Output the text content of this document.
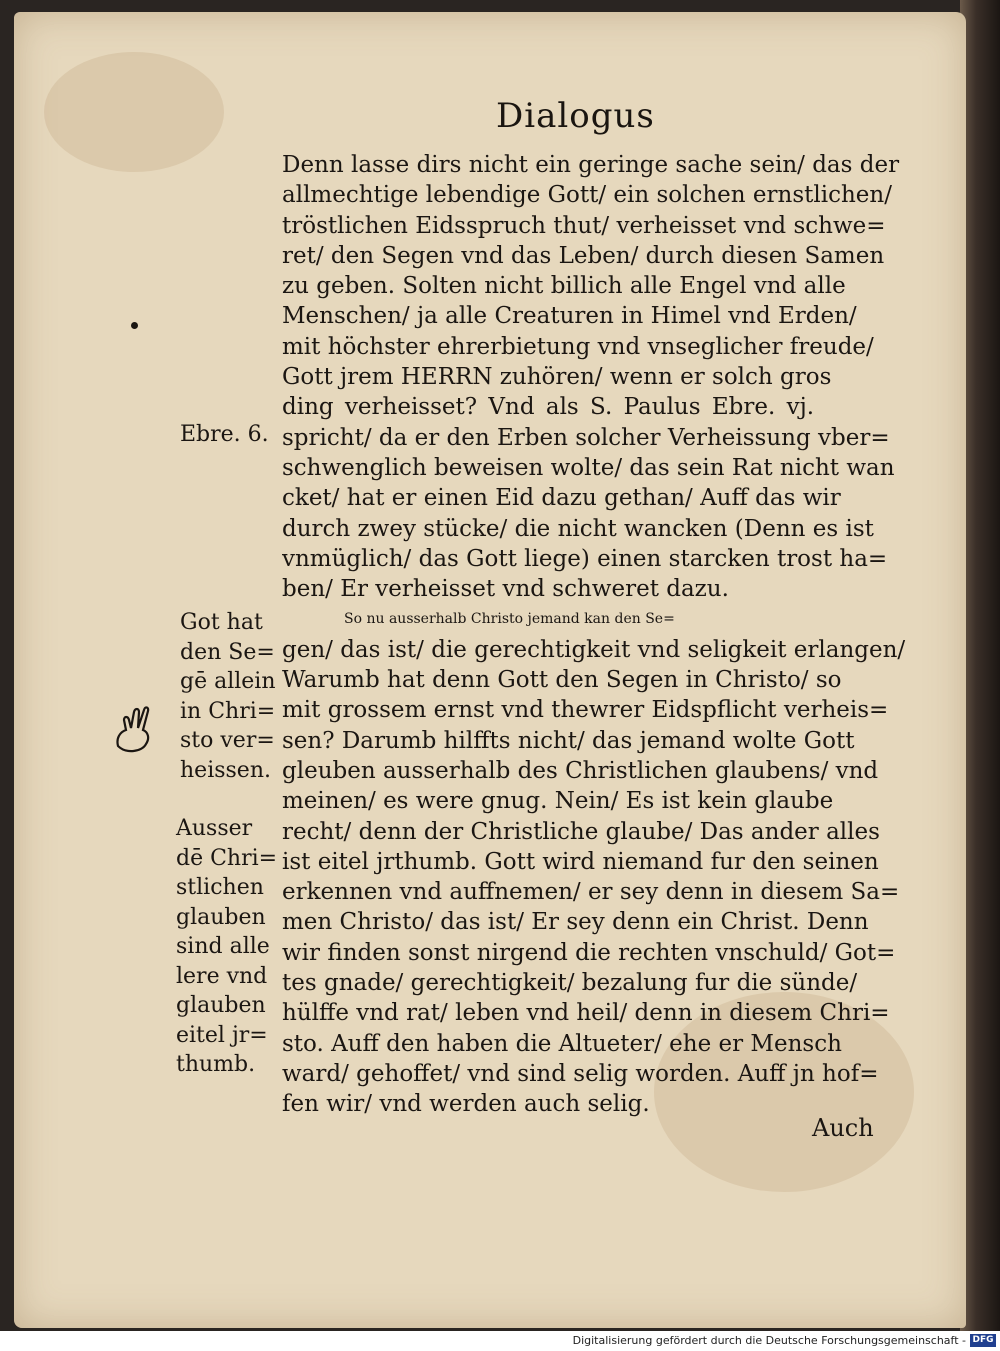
Dialogus
Ebre. 6.
Got hat
den Se=
gē allein
in Chri=
sto ver=
heissen.
Ausser
dē Chri=
stlichen
glauben
sind alle
lere vnd
glauben
eitel jr=
thumb.
Denn lasse dirs nicht ein geringe sache sein/ das der
allmechtige lebendige Gott/ ein solchen ernstlichen/
tröstlichen Eidsspruch thut/ verheisset vnd schwe=
ret/ den Segen vnd das Leben/ durch diesen Samen
zu geben. Solten nicht billich alle Engel vnd alle
Menschen/ ja alle Creaturen in Himel vnd Erden/
mit höchster ehrerbietung vnd vnseglicher freude/
Gott jrem HERRN zuhören/ wenn er solch gros
ding verheisset? Vnd als S. Paulus Ebre. vj.
spricht/ da er den Erben solcher Verheissung vber=
schwenglich beweisen wolte/ das sein Rat nicht wan
cket/ hat er einen Eid dazu gethan/ Auff das wir
durch zwey stücke/ die nicht wancken (Denn es ist
vnmüglich/ das Gott liege) einen starcken trost ha=
ben/ Er verheisset vnd schweret dazu.
So nu ausserhalb Christo jemand kan den Se=
gen/ das ist/ die gerechtigkeit vnd seligkeit erlangen/
Warumb hat denn Gott den Segen in Christo/ so
mit grossem ernst vnd thewrer Eidspflicht verheis=
sen? Darumb hilffts nicht/ das jemand wolte Gott
gleuben ausserhalb des Christlichen glaubens/ vnd
meinen/ es were gnug. Nein/ Es ist kein glaube
recht/ denn der Christliche glaube/ Das ander alles
ist eitel jrthumb. Gott wird niemand fur den seinen
erkennen vnd auffnemen/ er sey denn in diesem Sa=
men Christo/ das ist/ Er sey denn ein Christ. Denn
wir finden sonst nirgend die rechten vnschuld/ Got=
tes gnade/ gerechtigkeit/ bezalung fur die sünde/
hülffe vnd rat/ leben vnd heil/ denn in diesem Chri=
sto. Auff den haben die Altueter/ ehe er Mensch
ward/ gehoffet/ vnd sind selig worden. Auff jn hof=
fen wir/ vnd werden auch selig.
Auch
Digitalisierung gefördert durch die Deutsche Forschungsgemeinschaft - DFG
